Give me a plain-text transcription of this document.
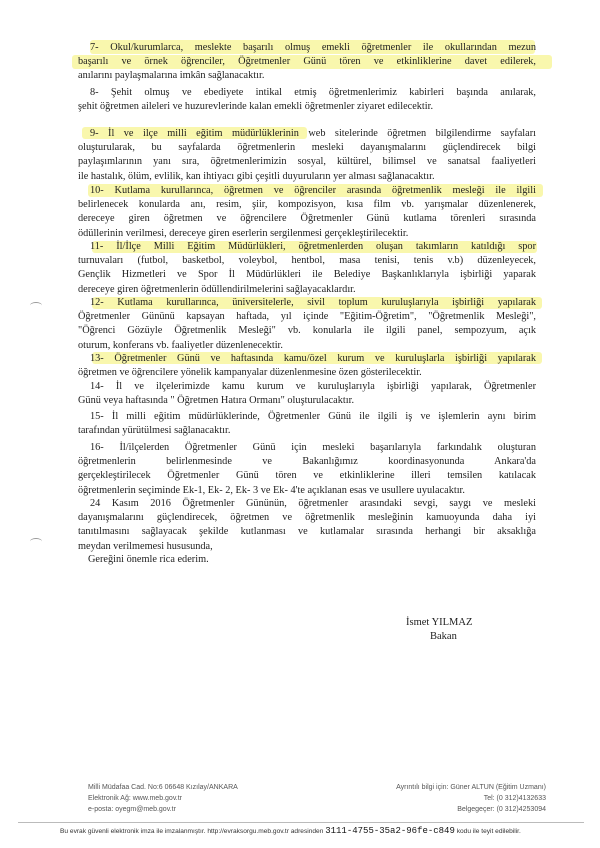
7- Okul/kurumlarca, meslekte başarılı olmuş emekli öğretmenler ile okullarından mezun
başarılı ve örnek öğrenciler, Öğretmenler Günü tören ve etkinliklerine davet edilerek,
anılarını paylaşmalarına imkân sağlanacaktır.
8- Şehit olmuş ve ebediyete intikal etmiş öğretmenlerimiz kabirleri başında anılarak,
şehit öğretmen aileleri ve huzurevlerinde kalan emekli öğretmenler ziyaret edilecektir.
9- İl ve ilçe milli eğitim müdürlüklerinin web sitelerinde öğretmen bilgilendirme sayfaları
oluşturularak, bu sayfalarda öğretmenlerin mesleki dayanışmalarını güçlendirecek bilgi
paylaşımlarının yanı sıra, öğretmenlerimizin sosyal, kültürel, bilimsel ve sanatsal faaliyetleri
ile hastalık, ölüm, evlilik, kan ihtiyacı gibi çeşitli duyuruların yer alması sağlanacaktır.
10- Kutlama kurullarınca, öğretmen ve öğrenciler arasında öğretmenlik mesleği ile ilgili
belirlenecek konularda anı, resim, şiir, kompozisyon, kısa film vb. yarışmalar düzenlenerek,
dereceye giren öğretmen ve öğrencilere Öğretmenler Günü kutlama törenleri sırasında
ödüllerinin verilmesi, dereceye giren eserlerin sergilenmesi gerçekleştirilecektir.
11- İl/İlçe Milli Eğitim Müdürlükleri, öğretmenlerden oluşan takımların katıldığı spor
turnuvaları (futbol, basketbol, voleybol, hentbol, masa tenisi, tenis v.b) düzenleyecek,
Gençlik Hizmetleri ve Spor İl Müdürlükleri ile Belediye Başkanlıklarıyla işbirliği yaparak
dereceye giren öğretmenlerin ödüllendirilmelerini sağlayacaklardır.
12- Kutlama kurullarınca, üniversitelerle, sivil toplum kuruluşlarıyla işbirliği yapılarak
Öğretmenler Gününü kapsayan haftada, yıl içinde "Eğitim-Öğretim", "Öğretmenlik Mesleği",
"Öğrenci Gözüyle Öğretmenlik Mesleği" vb. konularla ile ilgili panel, sempozyum, açık
oturum, konferans vb. faaliyetler düzenlenecektir.
13- Öğretmenler Günü ve haftasında kamu/özel kurum ve kuruluşlarla işbirliği yapılarak
öğretmen ve öğrencilere yönelik kampanyalar düzenlenmesine özen gösterilecektir.
14- İl ve ilçelerimizde kamu kurum ve kuruluşlarıyla işbirliği yapılarak, Öğretmenler
Günü veya haftasında " Öğretmen Hatıra Ormanı" oluşturulacaktır.
15- İl milli eğitim müdürlüklerinde, Öğretmenler Günü ile ilgili iş ve işlemlerin aynı birim
tarafından yürütülmesi sağlanacaktır.
16- İl/ilçelerden Öğretmenler Günü için mesleki başarılarıyla farkındalık oluşturan
öğretmenlerin belirlenmesinde ve Bakanlığımız koordinasyonunda Ankara'da
gerçekleştirilecek Öğretmenler Günü tören ve etkinliklerine illeri temsilen katılacak
öğretmenlerin seçiminde Ek-1, Ek- 2, Ek- 3 ve Ek- 4'te açıklanan esas ve usullere uyulacaktır.
24 Kasım 2016 Öğretmenler Gününün, öğretmenler arasındaki sevgi, saygı ve mesleki
dayanışmalarını güçlendirecek, öğretmen ve öğretmenlik mesleğinin kamuoyunda daha iyi
tanıtılmasını sağlayacak şekilde kutlanması ve kutlamalar sırasında herhangi bir aksaklığa
meydan verilmemesi hususunda,
Gereğini önemle rica ederim.
İsmet YILMAZ
Bakan
Milli Müdafaa Cad. No:6 06648 Kızılay/ANKARA
Elektronik Ağ: www.meb.gov.tr
e-posta: oyegm@meb.gov.tr
Ayrıntılı bilgi için: Güner ALTUN (Eğitim Uzmanı)
Tel: (0 312)4132633
Belgegeçer: (0 312)4253094
Bu evrak güvenli elektronik imza ile imzalanmıştır. http://evraksorgu.meb.gov.tr adresinden 3111-4755-35a2-96fe-c849 kodu ile teyit edilebilir.
